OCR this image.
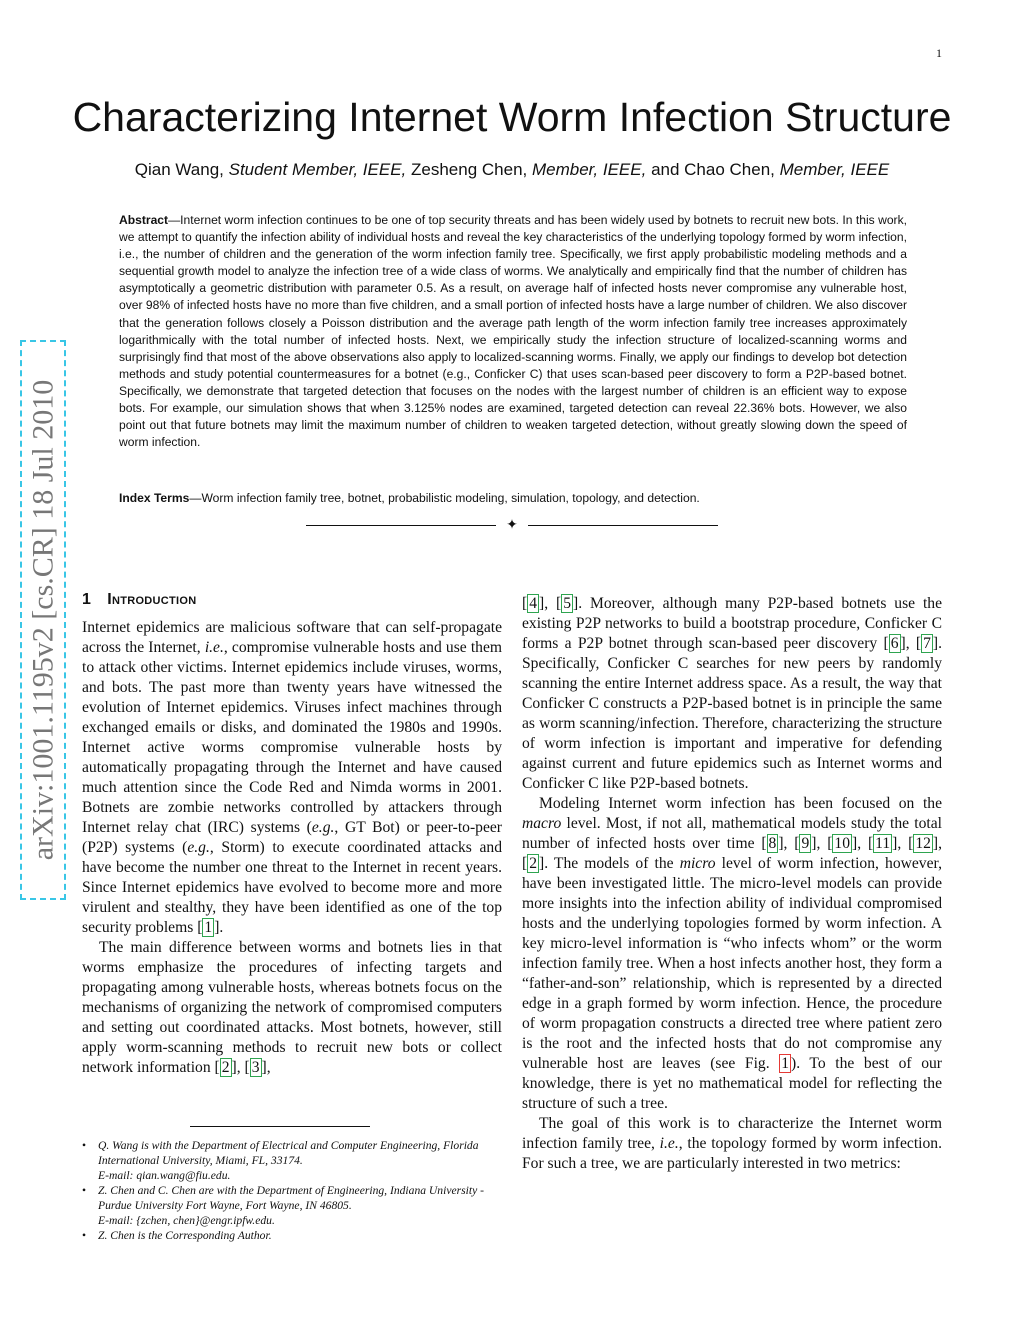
1
arXiv:1001.1195v2 [cs.CR] 18 Jul 2010
Characterizing Internet Worm Infection Structure
Qian Wang, Student Member, IEEE, Zesheng Chen, Member, IEEE, and Chao Chen, Member, IEEE
Abstract—Internet worm infection continues to be one of top security threats and has been widely used by botnets to recruit new bots. In this work, we attempt to quantify the infection ability of individual hosts and reveal the key characteristics of the underlying topology formed by worm infection, i.e., the number of children and the generation of the worm infection family tree. Specifically, we first apply probabilistic modeling methods and a sequential growth model to analyze the infection tree of a wide class of worms. We analytically and empirically find that the number of children has asymptotically a geometric distribution with parameter 0.5. As a result, on average half of infected hosts never compromise any vulnerable host, over 98% of infected hosts have no more than five children, and a small portion of infected hosts have a large number of children. We also discover that the generation follows closely a Poisson distribution and the average path length of the worm infection family tree increases approximately logarithmically with the total number of infected hosts. Next, we empirically study the infection structure of localized-scanning worms and surprisingly find that most of the above observations also apply to localized-scanning worms. Finally, we apply our findings to develop bot detection methods and study potential countermeasures for a botnet (e.g., Conficker C) that uses scan-based peer discovery to form a P2P-based botnet. Specifically, we demonstrate that targeted detection that focuses on the nodes with the largest number of children is an efficient way to expose bots. For example, our simulation shows that when 3.125% nodes are examined, targeted detection can reveal 22.36% bots. However, we also point out that future botnets may limit the maximum number of children to weaken targeted detection, without greatly slowing down the speed of worm infection.
Index Terms—Worm infection family tree, botnet, probabilistic modeling, simulation, topology, and detection.
✦
1 Introduction

Internet epidemics are malicious software that can self-propagate across the Internet, i.e., compromise vulnerable hosts and use them to attack other victims. Internet epidemics include viruses, worms, and bots. The past more than twenty years have witnessed the evolution of Internet epidemics. Viruses infect machines through exchanged emails or disks, and dominated the 1980s and 1990s. Internet active worms compromise vulnerable hosts by automatically propagating through the Internet and have caused much attention since the Code Red and Nimda worms in 2001. Botnets are zombie networks controlled by attackers through Internet relay chat (IRC) systems (e.g., GT Bot) or peer-to-peer (P2P) systems (e.g., Storm) to execute coordinated attacks and have become the number one threat to the Internet in recent years. Since Internet epidemics have evolved to become more and more virulent and stealthy, they have been identified as one of the top security problems [ 1 ].

The main difference between worms and botnets lies in that worms emphasize the procedures of infecting targets and propagating among vulnerable hosts, whereas botnets focus on the mechanisms of organizing the network of compromised computers and setting out coordinated attacks. Most botnets, however, still apply worm-scanning methods to recruit new bots or collect network information [ 2 ], [ 3 ],

[ 4 ], [ 5 ]. Moreover, although many P2P-based botnets use the existing P2P networks to build a bootstrap procedure, Conficker C forms a P2P botnet through scan-based peer discovery [ 6 ], [ 7 ]. Specifically, Conficker C searches for new peers by randomly scanning the entire Internet address space. As a result, the way that Conficker C constructs a P2P-based botnet is in principle the same as worm scanning/infection. Therefore, characterizing the structure of worm infection is important and imperative for defending against current and future epidemics such as Internet worms and Conficker C like P2P-based botnets.

Modeling Internet worm infection has been focused on the macro level. Most, if not all, mathematical models study the total number of infected hosts over time [ 8 ], [ 9 ], [ 10 ], [ 11 ], [ 12 ], [ 2 ]. The models of the micro level of worm infection, however, have been investigated little. The micro-level models can provide more insights into the infection ability of individual compromised hosts and the underlying topologies formed by worm infection. A key micro-level information is “who infects whom” or the worm infection family tree. When a host infects another host, they form a “father-and-son” relationship, which is represented by a directed edge in a graph formed by worm infection. Hence, the procedure of worm propagation constructs a directed tree where patient zero is the root and the infected hosts that do not compromise any vulnerable host are leaves (see Fig. 1 ). To the best of our knowledge, there is yet no mathematical model for reflecting the structure of such a tree.

The goal of this work is to characterize the Internet worm infection family tree, i.e., the topology formed by worm infection. For such a tree, we are particularly interested in two metrics:

•	Q. Wang is with the Department of Electrical and Computer Engineering, Florida International University, Miami, FL, 33174.
E-mail: qian.wang@fiu.edu.
•	Z. Chen and C. Chen are with the Department of Engineering, Indiana University - Purdue University Fort Wayne, Fort Wayne, IN 46805.
E-mail: {zchen, chen}@engr.ipfw.edu.
•	Z. Chen is the Corresponding Author.
